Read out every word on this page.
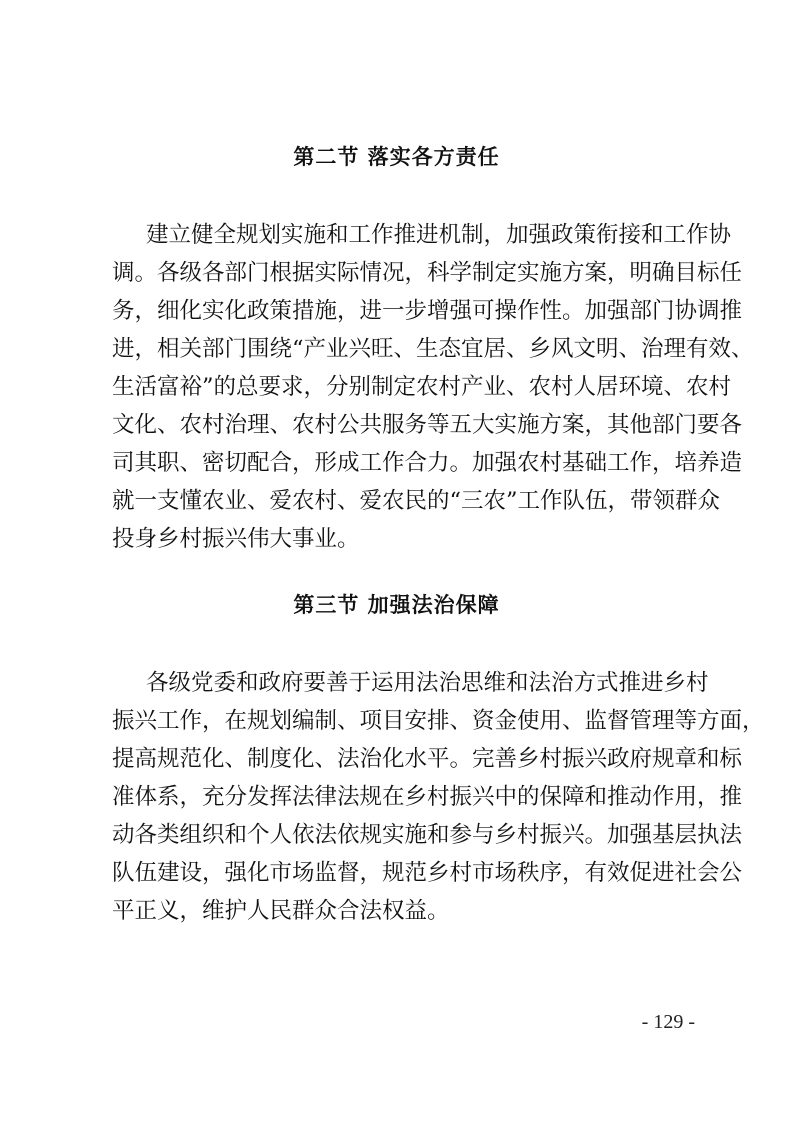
第二节 落实各方责任
建立健全规划实施和工作推进机制，加强政策衔接和工作协
调。各级各部门根据实际情况，科学制定实施方案，明确目标任
务，细化实化政策措施，进一步增强可操作性。加强部门协调推
进，相关部门围绕“产业兴旺、生态宜居、乡风文明、治理有效、
生活富裕”的总要求，分别制定农村产业、农村人居环境、农村
文化、农村治理、农村公共服务等五大实施方案，其他部门要各
司其职、密切配合，形成工作合力。加强农村基础工作，培养造
就一支懂农业、爱农村、爱农民的“三农”工作队伍，带领群众
投身乡村振兴伟大事业。
第三节 加强法治保障
各级党委和政府要善于运用法治思维和法治方式推进乡村
振兴工作，在规划编制、项目安排、资金使用、监督管理等方面，
提高规范化、制度化、法治化水平。完善乡村振兴政府规章和标
准体系，充分发挥法律法规在乡村振兴中的保障和推动作用，推
动各类组织和个人依法依规实施和参与乡村振兴。加强基层执法
队伍建设，强化市场监督，规范乡村市场秩序，有效促进社会公
平正义，维护人民群众合法权益。
- 129 -
